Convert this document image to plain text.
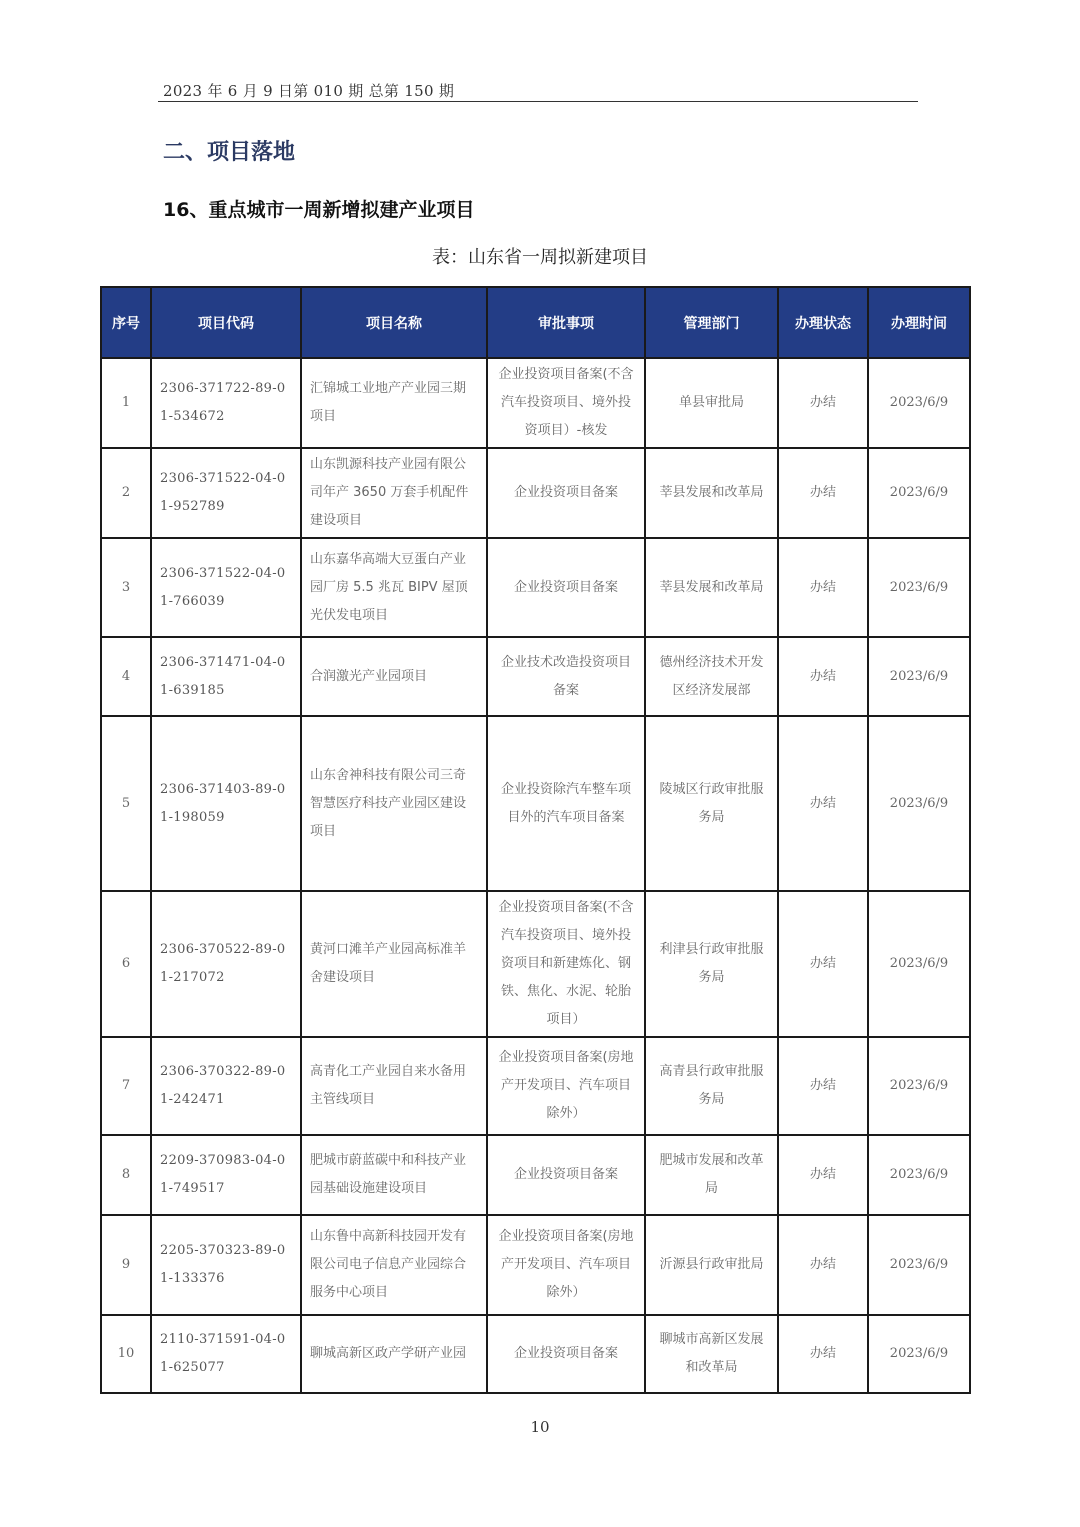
2023 年 6 月 9 日第 010 期 总第 150 期
二、项目落地
16、重点城市一周新增拟建产业项目
表：山东省一周拟新建项目
序号	项目代码	项目名称	审批事项	管理部门	办理状态	办理时间
1	2306-371722-89-01-534672	汇锦城工业地产产业园三期项目	企业投资项目备案(不含汽车投资项目、境外投资项目）-核发	单县审批局	办结	2023/6/9
2	2306-371522-04-01-952789	山东凯源科技产业园有限公司年产 3650 万套手机配件建设项目	企业投资项目备案	莘县发展和改革局	办结	2023/6/9
3	2306-371522-04-01-766039	山东嘉华高端大豆蛋白产业园厂房 5.5 兆瓦 BIPV 屋顶光伏发电项目	企业投资项目备案	莘县发展和改革局	办结	2023/6/9
4	2306-371471-04-01-639185	合润激光产业园项目	企业技术改造投资项目备案	德州经济技术开发区经济发展部	办结	2023/6/9
5	2306-371403-89-01-198059	山东舍神科技有限公司三奇智慧医疗科技产业园区建设项目	企业投资除汽车整车项目外的汽车项目备案	陵城区行政审批服务局	办结	2023/6/9
6	2306-370522-89-01-217072	黄河口滩羊产业园高标准羊舍建设项目	企业投资项目备案(不含汽车投资项目、境外投资项目和新建炼化、钢铁、焦化、水泥、轮胎项目）	利津县行政审批服务局	办结	2023/6/9
7	2306-370322-89-01-242471	高青化工产业园自来水备用主管线项目	企业投资项目备案(房地产开发项目、汽车项目除外）	高青县行政审批服务局	办结	2023/6/9
8	2209-370983-04-01-749517	肥城市蔚蓝碳中和科技产业园基础设施建设项目	企业投资项目备案	肥城市发展和改革局	办结	2023/6/9
9	2205-370323-89-01-133376	山东鲁中高新科技园开发有限公司电子信息产业园综合服务中心项目	企业投资项目备案(房地产开发项目、汽车项目除外）	沂源县行政审批局	办结	2023/6/9
10	2110-371591-04-01-625077	聊城高新区政产学研产业园	企业投资项目备案	聊城市高新区发展和改革局	办结	2023/6/9
10
